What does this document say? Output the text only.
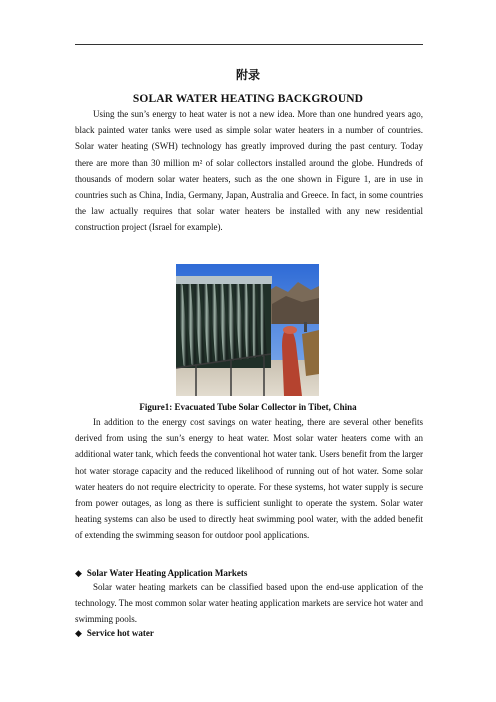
附录
SOLAR WATER HEATING BACKGROUND

Using the sun’s energy to heat water is not a new idea. More than one hundred years ago, black painted water tanks were used as simple solar water heaters in a number of countries. Solar water heating (SWH) technology has greatly improved during the past century. Today there are more than 30 million m² of solar collectors installed around the globe. Hundreds of thousands of modern solar water heaters, such as the one shown in Figure 1, are in use in countries such as China, India, Germany, Japan, Australia and Greece. In fact, in some countries the law actually requires that solar water heaters be installed with any new residential construction project (Israel for example).

Figure1: Evacuated Tube Solar Collector in Tibet, China

In addition to the energy cost savings on water heating, there are several other benefits derived from using the sun’s energy to heat water. Most solar water heaters come with an additional water tank, which feeds the conventional hot water tank. Users benefit from the larger hot water storage capacity and the reduced likelihood of running out of hot water. Some solar water heaters do not require electricity to operate. For these systems, hot water supply is secure from power outages, as long as there is sufficient sunlight to operate the system. Solar water heating systems can also be used to directly heat swimming pool water, with the added benefit of extending the swimming season for outdoor pool applications.

◆ Solar Water Heating Application Markets

Solar water heating markets can be classified based upon the end-use application of the technology. The most common solar water heating application markets are service hot water and swimming pools.

◆ Service hot water
